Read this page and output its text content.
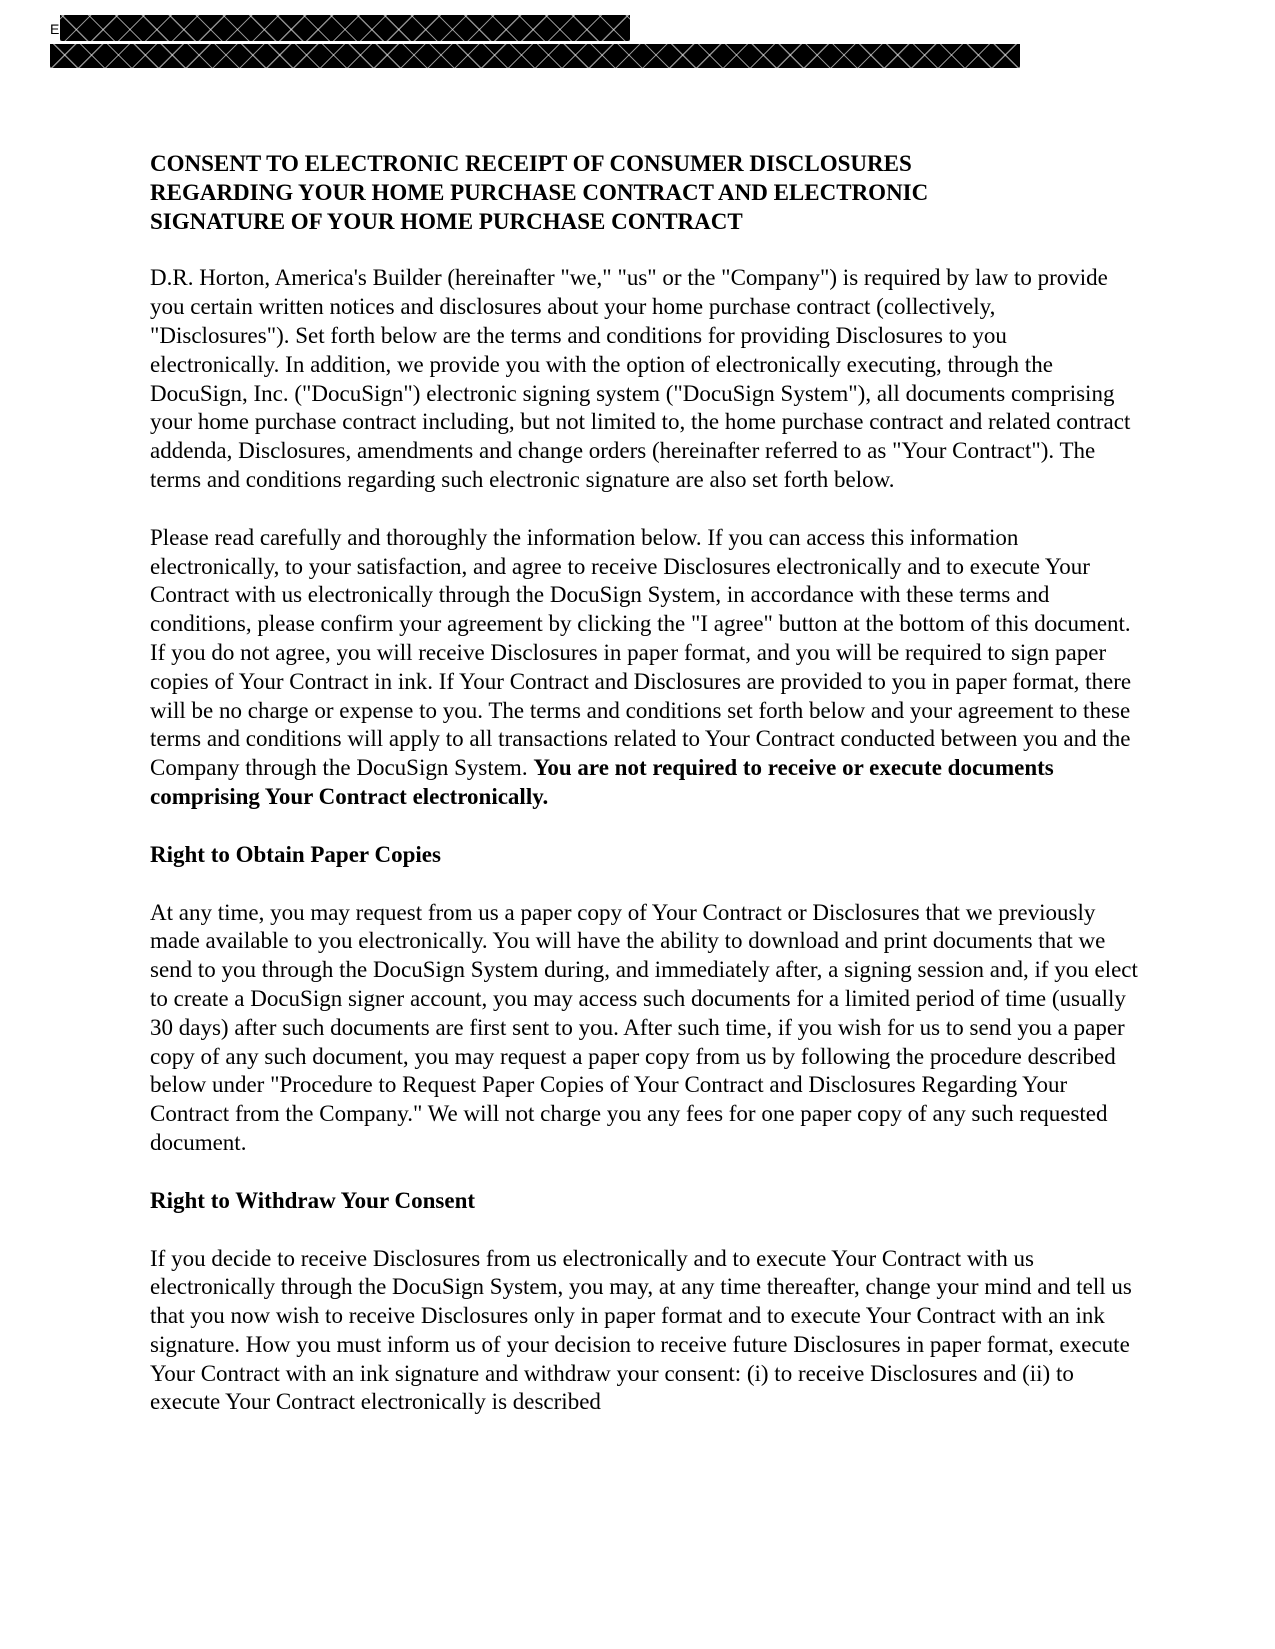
E
CONSENT TO ELECTRONIC RECEIPT OF CONSUMER DISCLOSURES
REGARDING YOUR HOME PURCHASE CONTRACT AND ELECTRONIC
SIGNATURE OF YOUR HOME PURCHASE CONTRACT

D.R. Horton, America's Builder (hereinafter "we," "us" or the "Company") is required by law to provide you certain written notices and disclosures about your home purchase contract (collectively, "Disclosures"). Set forth below are the terms and conditions for providing Disclosures to you electronically. In addition, we provide you with the option of electronically executing, through the DocuSign, Inc. ("DocuSign") electronic signing system ("DocuSign System"), all documents comprising your home purchase contract including, but not limited to, the home purchase contract and related contract addenda, Disclosures, amendments and change orders (hereinafter referred to as "Your Contract"). The terms and conditions regarding such electronic signature are also set forth below.

Please read carefully and thoroughly the information below. If you can access this information electronically, to your satisfaction, and agree to receive Disclosures electronically and to execute Your Contract with us electronically through the DocuSign System, in accordance with these terms and conditions, please confirm your agreement by clicking the "I agree" button at the bottom of this document. If you do not agree, you will receive Disclosures in paper format, and you will be required to sign paper copies of Your Contract in ink. If Your Contract and Disclosures are provided to you in paper format, there will be no charge or expense to you. The terms and conditions set forth below and your agreement to these terms and conditions will apply to all transactions related to Your Contract conducted between you and the Company through the DocuSign System. You are not required to receive or execute documents comprising Your Contract electronically.

Right to Obtain Paper Copies

At any time, you may request from us a paper copy of Your Contract or Disclosures that we previously made available to you electronically. You will have the ability to download and print documents that we send to you through the DocuSign System during, and immediately after, a signing session and, if you elect to create a DocuSign signer account, you may access such documents for a limited period of time (usually 30 days) after such documents are first sent to you. After such time, if you wish for us to send you a paper copy of any such document, you may request a paper copy from us by following the procedure described below under "Procedure to Request Paper Copies of Your Contract and Disclosures Regarding Your Contract from the Company." We will not charge you any fees for one paper copy of any such requested document.

Right to Withdraw Your Consent

If you decide to receive Disclosures from us electronically and to execute Your Contract with us electronically through the DocuSign System, you may, at any time thereafter, change your mind and tell us that you now wish to receive Disclosures only in paper format and to execute Your Contract with an ink signature. How you must inform us of your decision to receive future Disclosures in paper format, execute Your Contract with an ink signature and withdraw your consent: (i) to receive Disclosures and (ii) to execute Your Contract electronically is described
